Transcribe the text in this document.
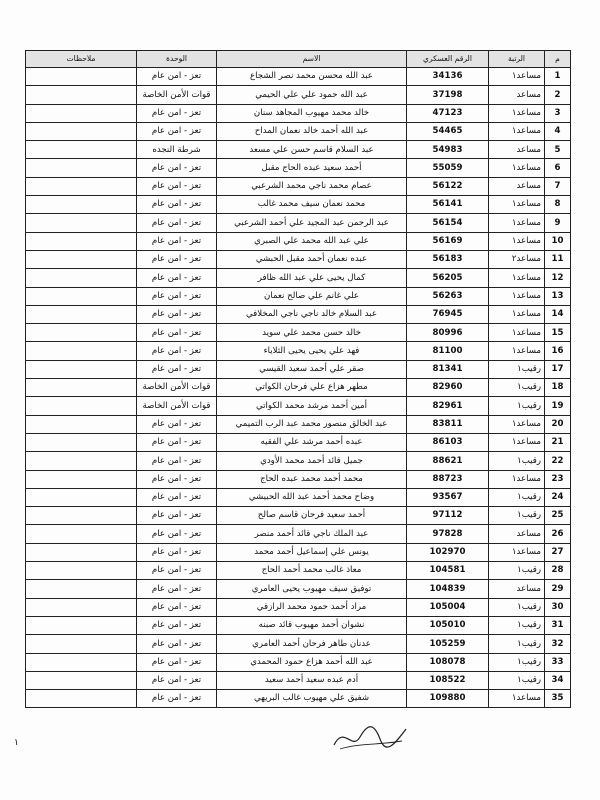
م	الرتبة	الرقم العسكري	الاسم	الوحدة	ملاحظات
1	مساعد١	34136	عبد الله محسن محمد نصر الشجاع	تعز - امن عام	
2	مساعد	37198	عبد الله حمود علي علي الحيمي	قوات الأمن الخاصة	
3	مساعد١	47123	خالد محمد مهيوب المجاهد سنان	تعز - امن عام	
4	مساعد١	54465	عبد الله أحمد خالد نعمان المداح	تعز - امن عام	
5	مساعد	54983	عبد السلام قاسم حسن علي مسعد	شرطة النجده	
6	مساعد١	55059	أحمد سعيد عبده الحاج مقبل	تعز - امن عام	
7	مساعد	56122	عصام محمد ناجي محمد الشرعبي	تعز - امن عام	
8	مساعد١	56141	محمد نعمان سيف محمد غالب	تعز - امن عام	
9	مساعد١	56154	عبد الرحمن عبد المجيد علي أحمد الشرعبي	تعز - امن عام	
10	مساعد١	56169	علي عبد الله محمد علي الصبري	تعز - امن عام	
11	مساعد٢	56183	عبده نعمان أحمد مقبل الحبشي	تعز - امن عام	
12	مساعد١	56205	كمال يحيى علي عبد الله ظافر	تعز - امن عام	
13	مساعد١	56263	علي غانم علي صالح نعمان	تعز - امن عام	
14	مساعد١	76945	عبد السلام خالد ناجي ناجي المخلافي	تعز - امن عام	
15	مساعد١	80996	خالد حسن محمد علي سويد	تعز - امن عام	
16	مساعد١	81100	فهد علي يحيى يحيى الثلاياء	تعز - امن عام	
17	رقيب١	81341	صقر علي أحمد سعيد القيسي	تعز - امن عام	
18	رقيب١	82960	مطهر هزاع علي فرحان الكواتي	قوات الأمن الخاصة	
19	رقيب١	82961	أمين أحمد مرشد محمد الكواتي	قوات الأمن الخاصة	
20	مساعد١	83811	عبد الخالق منصور محمد عبد الرب التميمي	تعز - امن عام	
21	مساعد١	86103	عبده أحمد مرشد علي الفقيه	تعز - امن عام	
22	رقيب١	88621	جميل قائد أحمد محمد الأودي	تعز - امن عام	
23	مساعد١	88723	محمد أحمد محمد عبده الحاج	تعز - امن عام	
24	رقيب١	93567	وضاح محمد أحمد عبد الله الحبيشي	تعز - امن عام	
25	رقيب١	97112	أحمد سعيد فرحان قاسم صالح	تعز - امن عام	
26	مساعد	97828	عبد الملك ناجي قائد أحمد منصر	تعز - امن عام	
27	مساعد١	102970	يونس علي إسماعيل أحمد محمد	تعز - امن عام	
28	رقيب١	104581	معاذ غالب محمد أحمد الحاج	تعز - امن عام	
29	مساعد	104839	توفيق سيف مهيوب يحيى العامري	تعز - امن عام	
30	رقيب١	105004	مراد أحمد حمود محمد الرازقي	تعز - امن عام	
31	رقيب١	105010	نشوان أحمد مهيوب قائد صبنه	تعز - امن عام	
32	رقيب١	105259	عدنان طاهر فرحان أحمد العامري	تعز - امن عام	
33	رقيب١	108078	عبد الله أحمد هزاع حمود المحمدي	تعز - امن عام	
34	رقيب١	108522	أدم عبده سعيد أحمد سعيد	تعز - امن عام	
35	مساعد١	109880	شفيق علي مهيوب غالب البريهي	تعز - امن عام	
١
